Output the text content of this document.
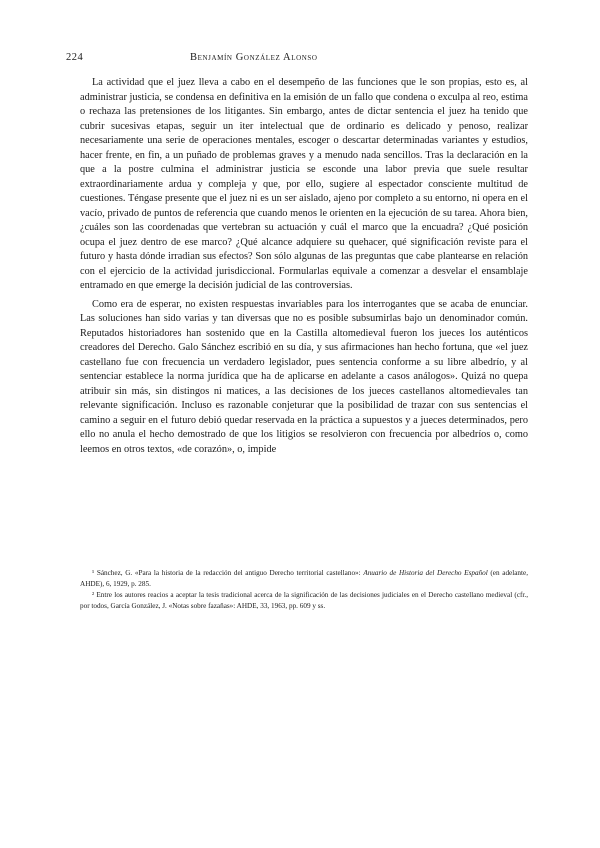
224	Benjamín González Alonso

La actividad que el juez lleva a cabo en el desempeño de las funciones que le son propias, esto es, al administrar justicia, se condensa en definitiva en la emisión de un fallo que condena o exculpa al reo, estima o rechaza las pretensiones de los litigantes. Sin embargo, antes de dictar sentencia el juez ha tenido que cubrir sucesivas etapas, seguir un iter intelectual que de ordinario es delicado y penoso, realizar necesariamente una serie de operaciones mentales, escoger o descartar determinadas variantes y estudios, hacer frente, en fin, a un puñado de problemas graves y a menudo nada sencillos. Tras la declaración en la que a la postre culmina el administrar justicia se esconde una labor previa que suele resultar extraordinariamente ardua y compleja y que, por ello, sugiere al espectador consciente multitud de cuestiones. Téngase presente que el juez ni es un ser aislado, ajeno por completo a su entorno, ni opera en el vacío, privado de puntos de referencia que cuando menos le orienten en la ejecución de su tarea. Ahora bien, ¿cuáles son las coordenadas que vertebran su actuación y cuál el marco que la encuadra? ¿Qué posición ocupa el juez dentro de ese marco? ¿Qué alcance adquiere su quehacer, qué significación reviste para el futuro y hasta dónde irradian sus efectos? Son sólo algunas de las preguntas que cabe plantearse en relación con el ejercicio de la actividad jurisdiccional. Formularlas equivale a comenzar a desvelar el ensamblaje entramado en que emerge la decisión judicial de las controversias.

Como era de esperar, no existen respuestas invariables para los interrogantes que se acaba de enunciar. Las soluciones han sido varias y tan diversas que no es posible subsumirlas bajo un denominador común. Reputados historiadores han sostenido que en la Castilla altomedieval fueron los jueces los auténticos creadores del Derecho. Galo Sánchez escribió en su día, y sus afirmaciones han hecho fortuna, que «el juez castellano fue con frecuencia un verdadero legislador, pues sentencia conforme a su libre albedrío, y al sentenciar establece la norma jurídica que ha de aplicarse en adelante a casos análogos». Quizá no quepa atribuir sin más, sin distingos ni matices, a las decisiones de los jueces castellanos altomedievales tan relevante significación. Incluso es razonable conjeturar que la posibilidad de trazar con sus sentencias el camino a seguir en el futuro debió quedar reservada en la práctica a supuestos y a jueces determinados, pero ello no anula el hecho demostrado de que los litigios se resolvieron con frecuencia por albedríos o, como leemos en otros textos, «de corazón», o, impide

¹ Sánchez, G. «Para la historia de la redacción del antiguo Derecho territorial castellano»: Anuario de Historia del Derecho Español (en adelante, AHDE), 6, 1929, p. 285.

² Entre los autores reacios a aceptar la tesis tradicional acerca de la significación de las decisiones judiciales en el Derecho castellano medieval (cfr., por todos, García González, J. «Notas sobre fazañas»: AHDE, 33, 1963, pp. 609 y ss.
